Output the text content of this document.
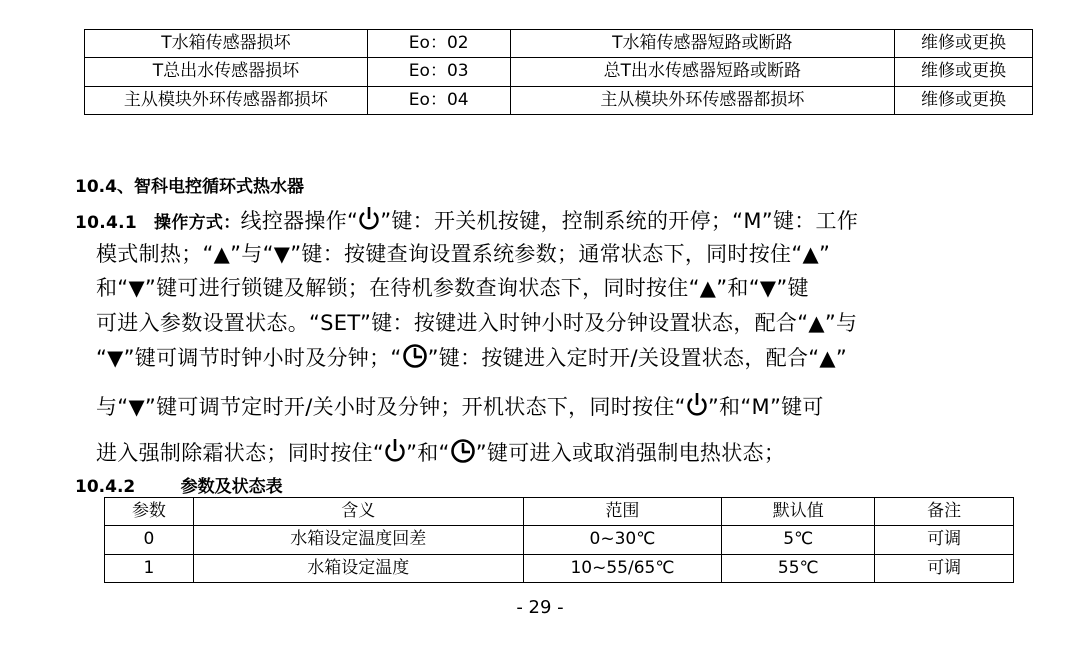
T水箱传感器损坏	Eo：02	T水箱传感器短路或断路	维修或更换
T总出水传感器损坏	Eo：03	总T出水传感器短路或断路	维修或更换
主从模块外环传感器都损坏	Eo：04	主从模块外环传感器都损坏	维修或更换
10.4、智科电控循环式热水器
10.4.1 操作方式：线控器操作“ ”键：开关机按键，控制系统的开停；“M”键：工作
模式制热；“▲”与“▼”键：按键查询设置系统参数；通常状态下，同时按住“▲”
和“▼”键可进行锁键及解锁；在待机参数查询状态下，同时按住“▲”和“▼”键
可进入参数设置状态。“SET”键：按键进入时钟小时及分钟设置状态，配合“▲”与
“▼”键可调节时钟小时及分钟；“ ”键：按键进入定时开/关设置状态，配合“▲”
与“▼”键可调节定时开/关小时及分钟；开机状态下，同时按住“ ”和“M”键可
进入强制除霜状态；同时按住“ ”和“ ”键可进入或取消强制电热状态；
10.4.2	参数及状态表
参数	含义	范围	默认值	备注
0	水箱设定温度回差	0~30℃	5℃	可调
1	水箱设定温度	10~55/65℃	55℃	可调
- 29 -
